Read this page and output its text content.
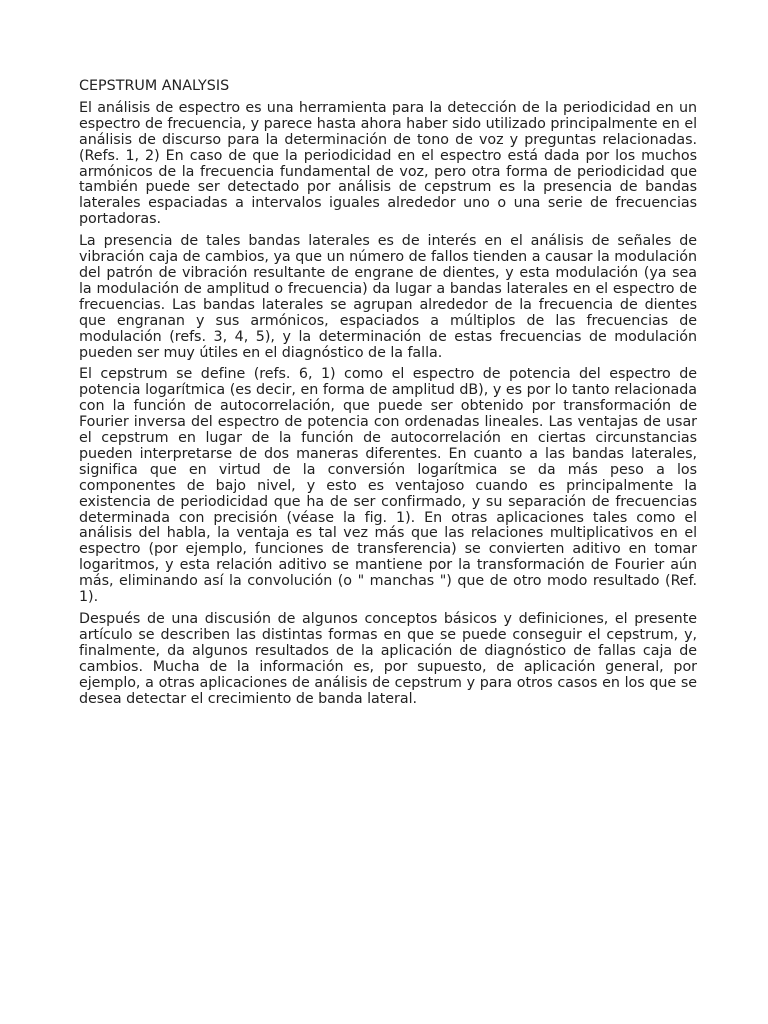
CEPSTRUM ANALYSIS

El análisis de espectro es una herramienta para la detección de la periodicidad en un espectro de frecuencia, y parece hasta ahora haber sido utilizado principalmente en el análisis de discurso para la determinación de tono de voz y preguntas relacionadas. (Refs. 1, 2) En caso de que la periodicidad en el espectro está dada por los muchos armónicos de la frecuencia fundamental de voz, pero otra forma de periodicidad que también puede ser detectado por análisis de cepstrum es la presencia de bandas laterales espaciadas a intervalos iguales alrededor uno o una serie de frecuencias portadoras.

La presencia de tales bandas laterales es de interés en el análisis de señales de vibración caja de cambios, ya que un número de fallos tienden a causar la modulación del patrón de vibración resultante de engrane de dientes, y esta modulación (ya sea la modulación de amplitud o frecuencia) da lugar a bandas laterales en el espectro de frecuencias. Las bandas laterales se agrupan alrededor de la frecuencia de dientes que engranan y sus armónicos, espaciados a múltiplos de las frecuencias de modulación (refs. 3, 4, 5), y la determinación de estas frecuencias de modulación pueden ser muy útiles en el diagnóstico de la falla.

El cepstrum se define (refs. 6, 1) como el espectro de potencia del espectro de potencia logarítmica (es decir, en forma de amplitud dB), y es por lo tanto relacionada con la función de autocorrelación, que puede ser obtenido por transformación de Fourier inversa del espectro de potencia con ordenadas lineales. Las ventajas de usar el cepstrum en lugar de la función de autocorrelación en ciertas circunstancias pueden interpretarse de dos maneras diferentes. En cuanto a las bandas laterales, significa que en virtud de la conversión logarítmica se da más peso a los componentes de bajo nivel, y esto es ventajoso cuando es principalmente la existencia de periodicidad que ha de ser confirmado, y su separación de frecuencias determinada con precisión (véase la fig. 1). En otras aplicaciones tales como el análisis del habla, la ventaja es tal vez más que las relaciones multiplicativos en el espectro (por ejemplo, funciones de transferencia) se convierten aditivo en tomar logaritmos, y esta relación aditivo se mantiene por la transformación de Fourier aún más, eliminando así la convolución (o " manchas ") que de otro modo resultado (Ref. 1).

Después de una discusión de algunos conceptos básicos y definiciones, el presente artículo se describen las distintas formas en que se puede conseguir el cepstrum, y, finalmente, da algunos resultados de la aplicación de diagnóstico de fallas caja de cambios. Mucha de la información es, por supuesto, de aplicación general, por ejemplo, a otras aplicaciones de análisis de cepstrum y para otros casos en los que se desea detectar el crecimiento de banda lateral.
